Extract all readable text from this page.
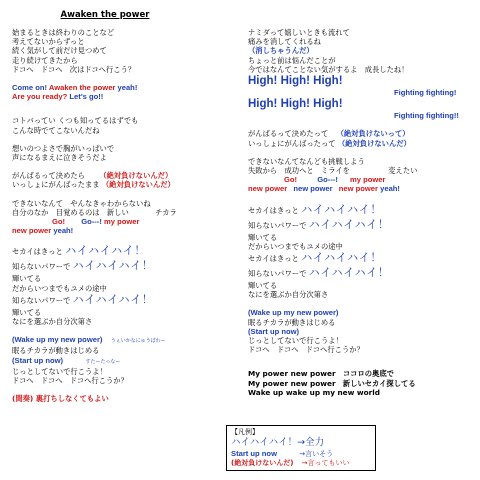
Awaken the power
始まるときは終わりのことなど
考えてないからずっと
続く気がして前だけ見つめて
走り続けてきたから
ドコへ　ドコへ　次はドコへ行こう？
Come on! Awaken the power yeah!
Are you ready? Let's go!!
コトバってい くつも知ってるはずでも
こんな時でてこないんだね
想いのつよさで胸がいっぱいで
声になるまえに泣きそうだよ
がんばるって決めたら （絶対負けないんだ）
いっしょにがんばったまま （絶対負けないんだ）
できないなんて　やんなきゃわからないね
自分のなか　目覚めるのは　新しい	チカラ
Go! Go---! my power
new power yeah!
セカイはきっと ハイハイハイ！
知らないパワーで ハイハイハイ！
輝いてる
だからいつまでもユメの途中
知らないパワーで ハイハイハイ！
輝いてる
なにを選ぶか自分次第さ
(Wake up my new power) うぇいかなにゅうぱわー
眠るチカラが動きはじめる
(Start up now)	すたーたっなー
じっとしてないで行こうよ！
ドコへ　ドコへ　ドコへ行こうか？
(間奏) 裏打ちしなくてもよい
ナミダって嬉しいときも流れて
痛みを消してくれるね
（消しちゃうんだ）
ちょっと前は悩んだことが
今ではなんてことない気がするよ　成長したね！
High! High! High!
Fighting fighting!
High! High! High!
Fighting fighting!!
がんばるって決めたって （絶対負けないって）
いっしょにがんばったって （絶対負けないんだ）
できないなんてなんども挑戦しよう
失敗から　成功へと　ミライを	変えたい
Go!	Go---! my power
new power new power new power yeah!
セカイはきっと ハイハイハイ！
知らないパワーで ハイハイハイ！
輝いてる
だからいつまでもユメの途中
セカイはきっと ハイハイハイ！
知らないパワーで ハイハイハイ！
輝いてる
なにを選ぶか自分次第さ
(Wake up my new power)
眠るチカラが動きはじめる
(Start up now)
じっとしてないで行こうよ！
ドコへ　ドコへ　ドコへ行こうか？
My power new power　ココロの奥底で
My power new power　新しいセカイ探してる
Wake up wake up my new world
【凡例】
ハイハイハイ！→全力
Start up now	→言いそう
(絶対負けないんだ) →言ってもいい
